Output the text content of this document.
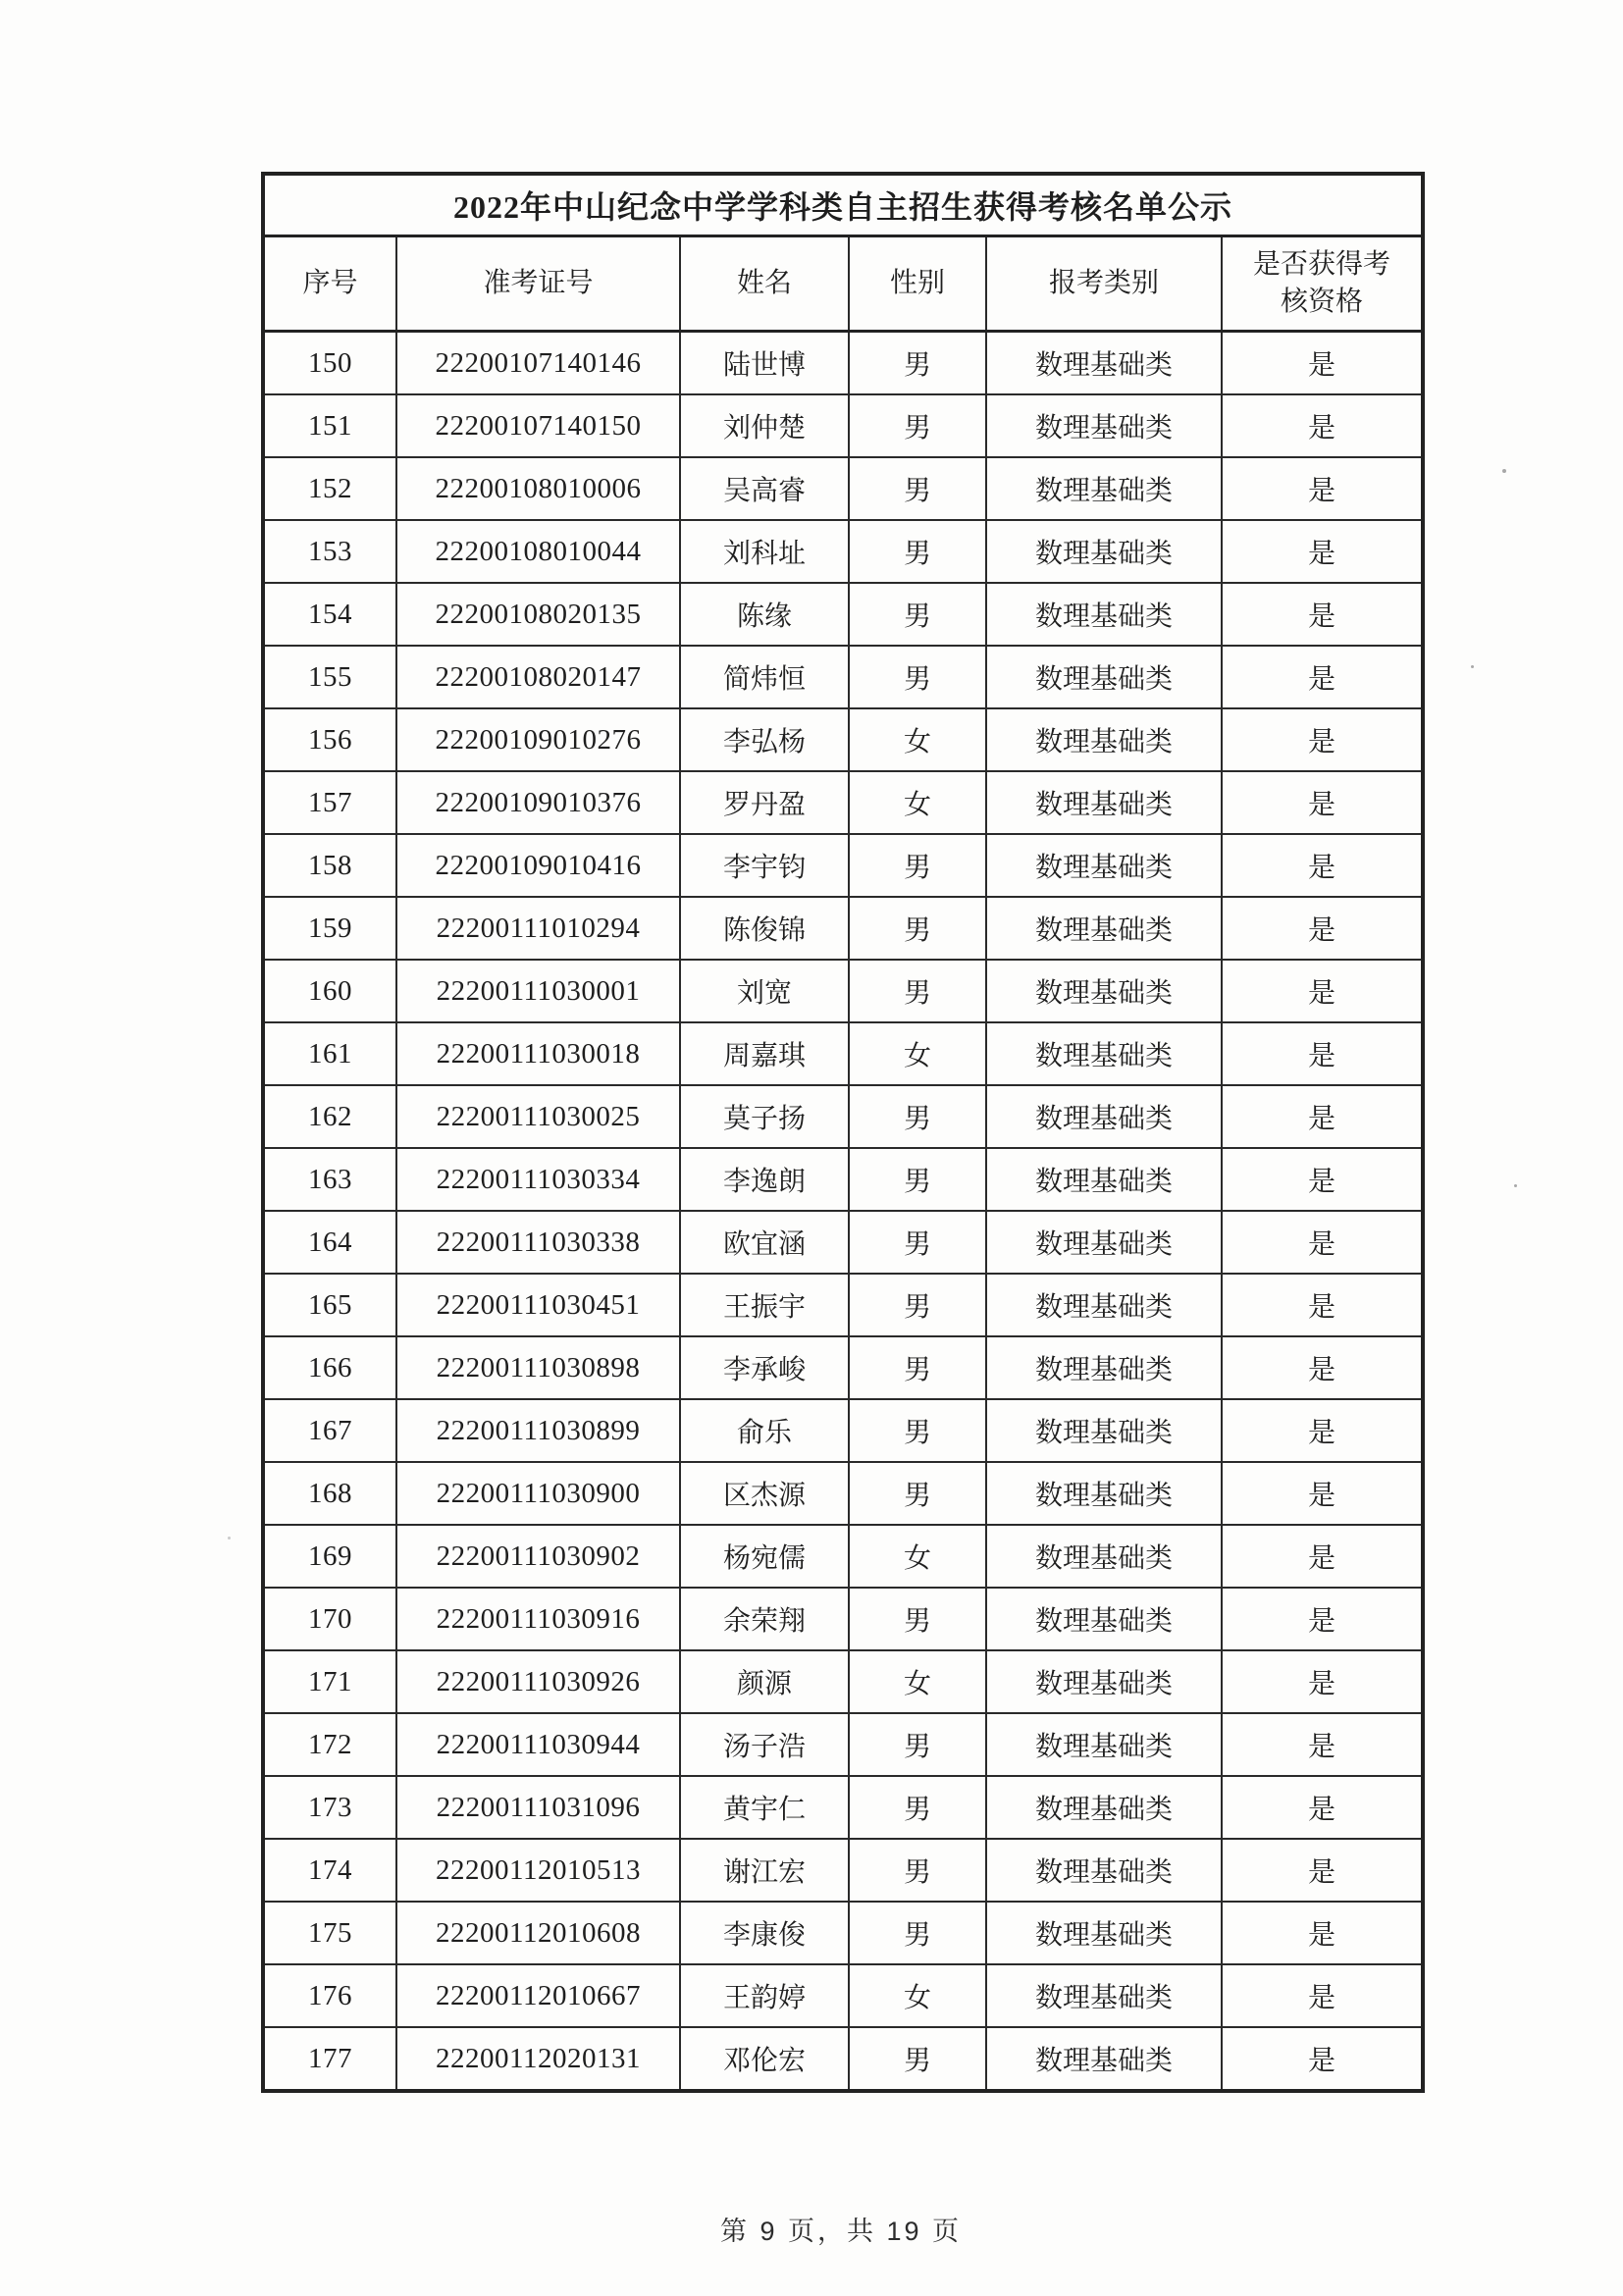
2022年中山纪念中学学科类自主招生获得考核名单公示					
序号	准考证号	姓名	性别	报考类别	是否获得考核资格
150	22200107140146	陆世博	男	数理基础类	是
151	22200107140150	刘仲楚	男	数理基础类	是
152	22200108010006	吴高睿	男	数理基础类	是
153	22200108010044	刘科址	男	数理基础类	是
154	22200108020135	陈缘	男	数理基础类	是
155	22200108020147	简炜恒	男	数理基础类	是
156	22200109010276	李弘杨	女	数理基础类	是
157	22200109010376	罗丹盈	女	数理基础类	是
158	22200109010416	李宇钧	男	数理基础类	是
159	22200111010294	陈俊锦	男	数理基础类	是
160	22200111030001	刘宽	男	数理基础类	是
161	22200111030018	周嘉琪	女	数理基础类	是
162	22200111030025	莫子扬	男	数理基础类	是
163	22200111030334	李逸朗	男	数理基础类	是
164	22200111030338	欧宜涵	男	数理基础类	是
165	22200111030451	王振宇	男	数理基础类	是
166	22200111030898	李承峻	男	数理基础类	是
167	22200111030899	俞乐	男	数理基础类	是
168	22200111030900	区杰源	男	数理基础类	是
169	22200111030902	杨宛儒	女	数理基础类	是
170	22200111030916	余荣翔	男	数理基础类	是
171	22200111030926	颜源	女	数理基础类	是
172	22200111030944	汤子浩	男	数理基础类	是
173	22200111031096	黄宇仁	男	数理基础类	是
174	22200112010513	谢江宏	男	数理基础类	是
175	22200112010608	李康俊	男	数理基础类	是
176	22200112010667	王韵婷	女	数理基础类	是
177	22200112020131	邓伦宏	男	数理基础类	是
第 9 页，共 19 页
